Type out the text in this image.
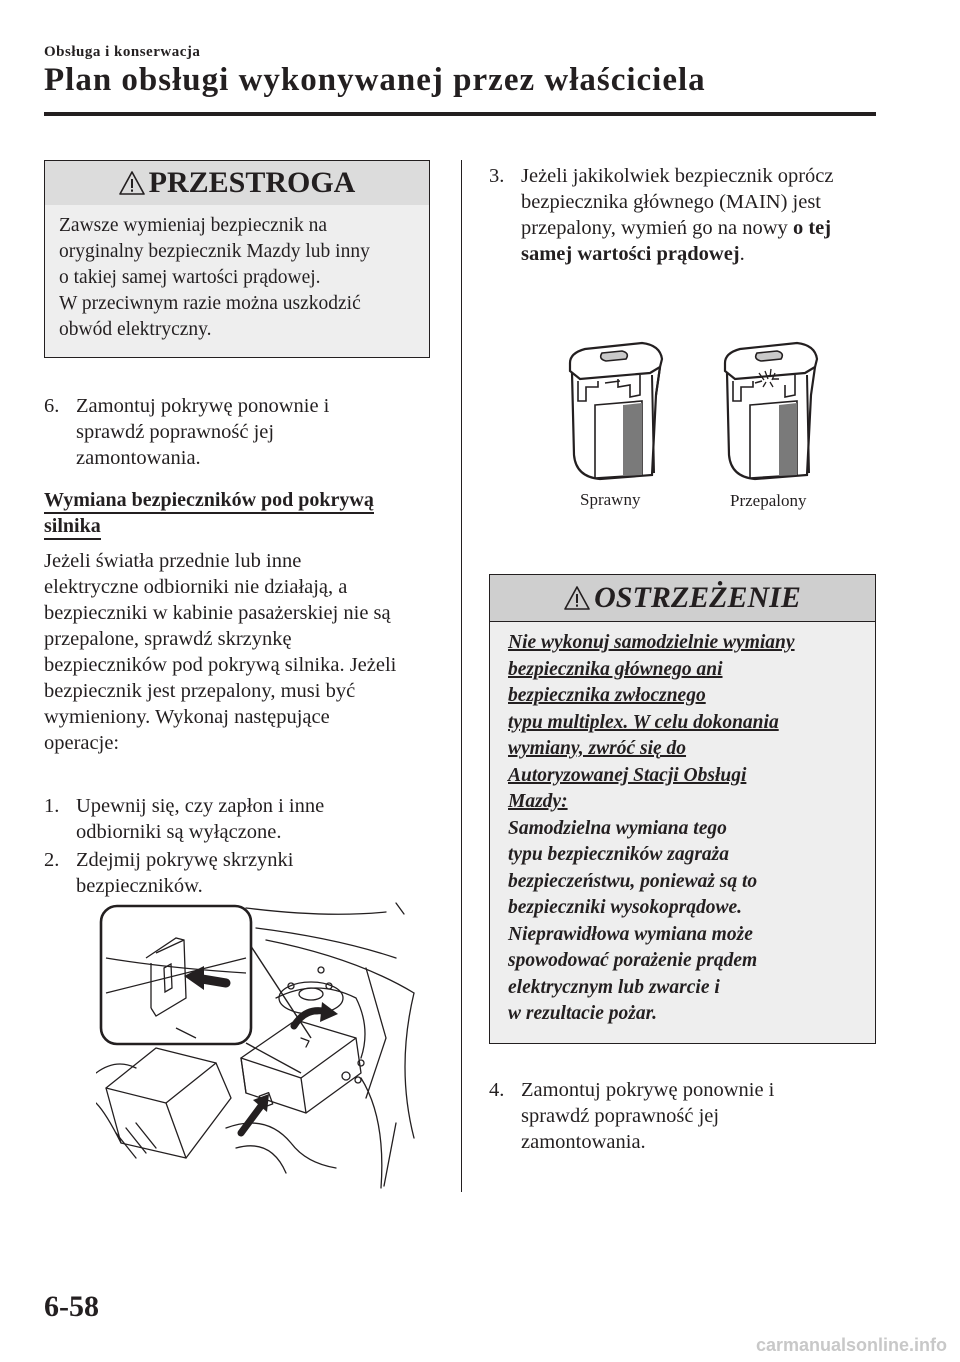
Obsługa i konserwacja
Plan obsługi wykonywanej przez właściciela
PRZESTROGA
Zawsze wymieniaj bezpiecznik na
oryginalny bezpiecznik Mazdy lub inny
o takiej samej wartości prądowej.
W przeciwnym razie można uszkodzić
obwód elektryczny.
6. Zamontuj pokrywę ponownie i
sprawdź poprawność jej
zamontowania.
Wymiana bezpieczników pod pokrywą
silnika
Jeżeli światła przednie lub inne
elektryczne odbiorniki nie działają, a
bezpieczniki w kabinie pasażerskiej nie są
przepalone, sprawdź skrzynkę
bezpieczników pod pokrywą silnika. Jeżeli
bezpiecznik jest przepalony, musi być
wymieniony. Wykonaj następujące
operacje:
1. Upewnij się, czy zapłon i inne
odbiorniki są wyłączone.
2. Zdejmij pokrywę skrzynki
bezpieczników.
3. Jeżeli jakikolwiek bezpiecznik oprócz
bezpiecznika głównego (MAIN) jest
przepalony, wymień go na nowy o tej
samej wartości prądowej.
Sprawny	Przepalony
OSTRZEŻENIE
Nie wykonuj samodzielnie wymiany
bezpiecznika głównego ani
bezpiecznika zwłocznego
typu multiplex. W celu dokonania
wymiany, zwróć się do
Autoryzowanej Stacji Obsługi
Mazdy:
Samodzielna wymiana tego
typu bezpieczników zagraża
bezpieczeństwu, ponieważ są to
bezpieczniki wysokoprądowe.
Nieprawidłowa wymiana może
spowodować porażenie prądem
elektrycznym lub zwarcie i
w rezultacie pożar.
4. Zamontuj pokrywę ponownie i
sprawdź poprawność jej
zamontowania.
6-58
carmanualsonline.info
